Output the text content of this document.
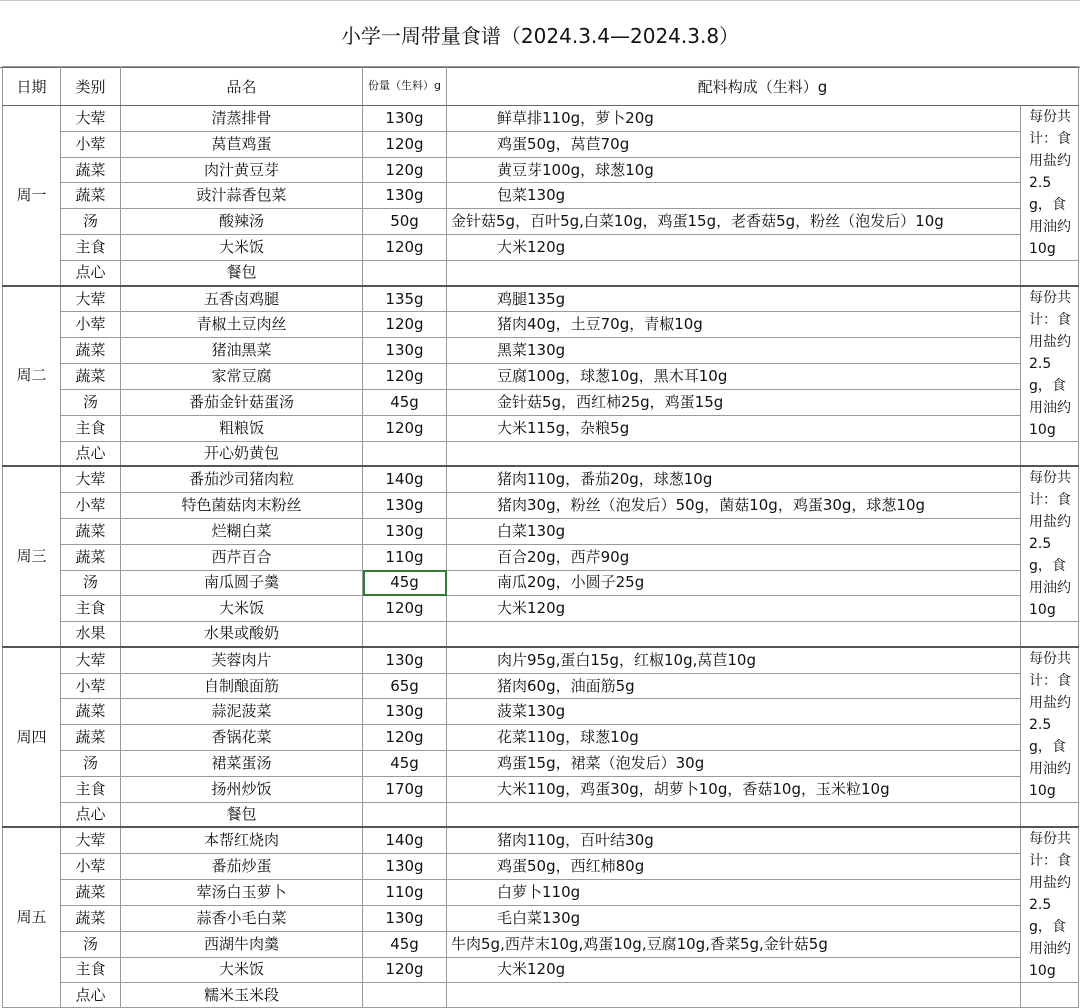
小学一周带量食谱（2024.3.4—2024.3.8）
日期	类别	品名	份量（生料）g	配料构成（生料）g	
周一	大荤	清蒸排骨	130g	鲜草排110g，萝卜20g	每份共计：食用盐约2.5g，食用油约10g
	小荤	莴苣鸡蛋	120g	鸡蛋50g，莴苣70g	
	蔬菜	肉汁黄豆芽	120g	黄豆芽100g，球葱10g	
	蔬菜	豉汁蒜香包菜	130g	包菜130g	
	汤	酸辣汤	50g	金针菇5g，百叶5g,白菜10g，鸡蛋15g，老香菇5g，粉丝（泡发后）10g	
	主食	大米饭	120g	大米120g	
	点心	餐包			
周二	大荤	五香卤鸡腿	135g	鸡腿135g	每份共计：食用盐约2.5g，食用油约10g
	小荤	青椒土豆肉丝	120g	猪肉40g，土豆70g，青椒10g	
	蔬菜	猪油黑菜	130g	黑菜130g	
	蔬菜	家常豆腐	120g	豆腐100g，球葱10g，黑木耳10g	
	汤	番茄金针菇蛋汤	45g	金针菇5g，西红柿25g，鸡蛋15g	
	主食	粗粮饭	120g	大米115g，杂粮5g	
	点心	开心奶黄包			
周三	大荤	番茄沙司猪肉粒	140g	猪肉110g，番茄20g，球葱10g	每份共计：食用盐约2.5g，食用油约10g
	小荤	特色菌菇肉末粉丝	130g	猪肉30g，粉丝（泡发后）50g，菌菇10g，鸡蛋30g，球葱10g	
	蔬菜	烂糊白菜	130g	白菜130g	
	蔬菜	西芹百合	110g	百合20g，西芹90g	
	汤	南瓜圆子羹	45g	南瓜20g，小圆子25g	
	主食	大米饭	120g	大米120g	
	水果	水果或酸奶			
周四	大荤	芙蓉肉片	130g	肉片95g,蛋白15g，红椒10g,莴苣10g	每份共计：食用盐约2.5g，食用油约10g
	小荤	自制酿面筋	65g	猪肉60g，油面筋5g	
	蔬菜	蒜泥菠菜	130g	菠菜130g	
	蔬菜	香锅花菜	120g	花菜110g，球葱10g	
	汤	裙菜蛋汤	45g	鸡蛋15g，裙菜（泡发后）30g	
	主食	扬州炒饭	170g	大米110g，鸡蛋30g，胡萝卜10g，香菇10g，玉米粒10g	
	点心	餐包			
周五	大荤	本帮红烧肉	140g	猪肉110g，百叶结30g	每份共计：食用盐约2.5g，食用油约10g
	小荤	番茄炒蛋	130g	鸡蛋50g，西红柿80g	
	蔬菜	荤汤白玉萝卜	110g	白萝卜110g	
	蔬菜	蒜香小毛白菜	130g	毛白菜130g	
	汤	西湖牛肉羹	45g	牛肉5g,西芹末10g,鸡蛋10g,豆腐10g,香菜5g,金针菇5g	
	主食	大米饭	120g	大米120g	
	点心	糯米玉米段			
